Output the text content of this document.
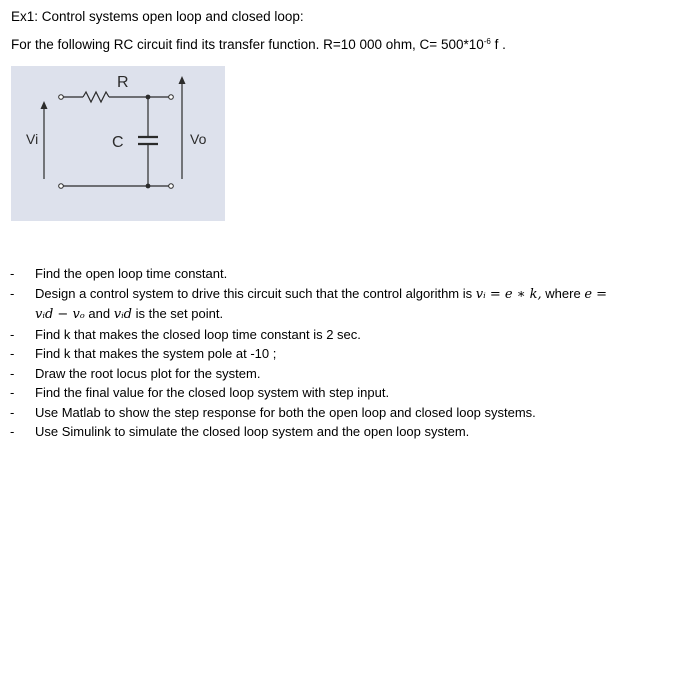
Ex1: Control systems open loop and closed loop:
For the following RC circuit find its transfer function. R=10 000 ohm, $C= 500*10^{-6}$ f .
R
C
Vi	Vo
- Find the open loop time constant.
- Design a control system to drive this circuit such that the control algorithm is vᵢ = e ∗ k, where e =
vᵢd − vₒ and vᵢd is the set point.
- Find k that makes the closed loop time constant is 2 sec.
- Find k that makes the system pole at -10 ;
- Draw the root locus plot for the system.
- Find the final value for the closed loop system with step input.
- Use Matlab to show the step response for both the open loop and closed loop systems.
- Use Simulink to simulate the closed loop system and the open loop system.
